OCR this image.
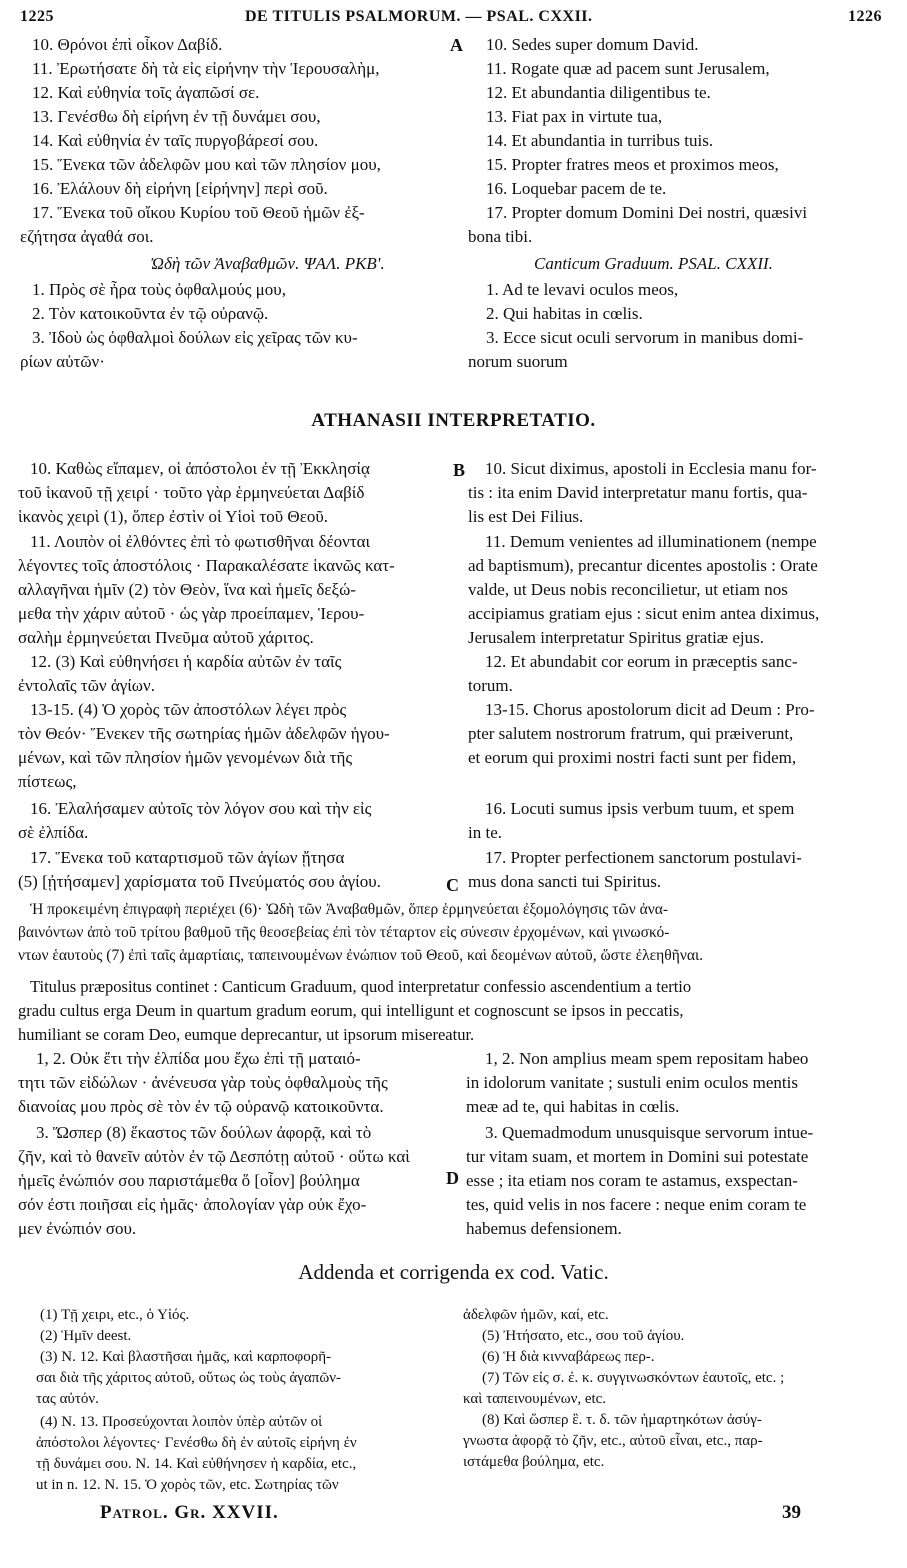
1225	DE TITULIS PSALMORUM. — PSAL. CXXII.	1226
A
B
C
D
10. Θρόνοι ἐπὶ οἶκον Δαβίδ.
11. Ἐρωτήσατε δὴ τὰ εἰς εἰρήνην τὴν Ἱερουσαλὴμ,
12. Καὶ εὐθηνία τοῖς ἀγαπῶσί σε.
13. Γενέσθω δὴ εἰρήνη ἐν τῇ δυνάμει σου,
14. Καὶ εὐθηνία ἐν ταῖς πυργοβάρεσί σου.
15. Ἕνεκα τῶν ἀδελφῶν μου καὶ τῶν πλησίον μου,
16. Ἐλάλουν δὴ εἰρήνη [εἰρήνην] περὶ σοῦ.
17. Ἕνεκα τοῦ οἴκου Κυρίου τοῦ Θεοῦ ἡμῶν ἐξ-
εζήτησα ἀγαθά σοι.
Ὠδὴ τῶν Ἀναβαθμῶν. ΨΑΛ. ΡΚΒʹ.
1. Πρὸς σὲ ἦρα τοὺς ὀφθαλμούς μου,
2. Τὸν κατοικοῦντα ἐν τῷ οὐρανῷ.
3. Ἰδοὺ ὡς ὀφθαλμοὶ δούλων εἰς χεῖρας τῶν κυ-
ρίων αὐτῶν·
10. Sedes super domum David.
11. Rogate quæ ad pacem sunt Jerusalem,
12. Et abundantia diligentibus te.
13. Fiat pax in virtute tua,
14. Et abundantia in turribus tuis.
15. Propter fratres meos et proximos meos,
16. Loquebar pacem de te.
17. Propter domum Domini Dei nostri, quæsivi
bona tibi.
Canticum Graduum. PSAL. CXXII.
1. Ad te levavi oculos meos,
2. Qui habitas in cœlis.
3. Ecce sicut oculi servorum in manibus domi-
norum suorum
ATHANASII INTERPRETATIO.
10. Καθὼς εἴπαμεν, οἱ ἀπόστολοι ἐν τῇ Ἐκκλησίᾳ
τοῦ ἱκανοῦ τῇ χειρί · τοῦτο γὰρ ἑρμηνεύεται Δαβίδ
ἱκανὸς χειρὶ (1), ὅπερ ἐστὶν οἱ Υἱοὶ τοῦ Θεοῦ.
11. Λοιπὸν οἱ ἐλθόντες ἐπὶ τὸ φωτισθῆναι δέονται
λέγοντες τοῖς ἀποστόλοις · Παρακαλέσατε ἱκανῶς κατ-
αλλαγῆναι ἡμῖν (2) τὸν Θεὸν, ἵνα καὶ ἡμεῖς δεξώ-
μεθα τὴν χάριν αὐτοῦ · ὡς γὰρ προείπαμεν, Ἱερου-
σαλὴμ ἑρμηνεύεται Πνεῦμα αὐτοῦ χάριτος.
12. (3) Καὶ εὐθηνήσει ἡ καρδία αὐτῶν ἐν ταῖς
ἐντολαῖς τῶν ἁγίων.
13-15. (4) Ὁ χορὸς τῶν ἀποστόλων λέγει πρὸς
τὸν Θεόν· Ἕνεκεν τῆς σωτηρίας ἡμῶν ἀδελφῶν ἡγου-
μένων, καὶ τῶν πλησίον ἡμῶν γενομένων διὰ τῆς
πίστεως,
16. Ἐλαλήσαμεν αὐτοῖς τὸν λόγον σου καὶ τὴν εἰς
σὲ ἐλπίδα.
17. Ἕνεκα τοῦ καταρτισμοῦ τῶν ἁγίων ᾔτησα
(5) [ᾐτήσαμεν] χαρίσματα τοῦ Πνεύματός σου ἁγίου.
10. Sicut diximus, apostoli in Ecclesia manu for-
tis : ita enim David interpretatur manu fortis, qua-
lis est Dei Filius.
11. Demum venientes ad illuminationem (nempe
ad baptismum), precantur dicentes apostolis : Orate
valde, ut Deus nobis reconcilietur, ut etiam nos
accipiamus gratiam ejus : sicut enim antea diximus,
Jerusalem interpretatur Spiritus gratiæ ejus.
12. Et abundabit cor eorum in præceptis sanc-
torum.
13-15. Chorus apostolorum dicit ad Deum : Pro-
pter salutem nostrorum fratrum, qui præiverunt,
et eorum qui proximi nostri facti sunt per fidem,
16. Locuti sumus ipsis verbum tuum, et spem
in te.
17. Propter perfectionem sanctorum postulavi-
mus dona sancti tui Spiritus.
Ἡ προκειμένη ἐπιγραφὴ περιέχει (6)· Ὠδὴ τῶν Ἀναβαθμῶν, ὅπερ ἑρμηνεύεται ἐξομολόγησις τῶν ἀνα-
βαινόντων ἀπὸ τοῦ τρίτου βαθμοῦ τῆς θεοσεβείας ἐπὶ τὸν τέταρτον εἰς σύνεσιν ἐρχομένων, καὶ γινωσκό-
ντων ἑαυτοὺς (7) ἐπὶ ταῖς ἁμαρτίαις, ταπεινουμένων ἐνώπιον τοῦ Θεοῦ, καὶ δεομένων αὐτοῦ, ὥστε ἐλεηθῆναι.
Titulus præpositus continet : Canticum Graduum, quod interpretatur confessio ascendentium a tertio
gradu cultus erga Deum in quartum gradum eorum, qui intelligunt et cognoscunt se ipsos in peccatis,
humiliant se coram Deo, eumque deprecantur, ut ipsorum misereatur.
1, 2. Οὐκ ἔτι τὴν ἐλπίδα μου ἔχω ἐπὶ τῇ ματαιό-
τητι τῶν εἰδώλων · ἀνένευσα γὰρ τοὺς ὀφθαλμοὺς τῆς
διανοίας μου πρὸς σὲ τὸν ἐν τῷ οὐρανῷ κατοικοῦντα.
3. Ὥσπερ (8) ἕκαστος τῶν δούλων ἀφορᾷ, καὶ τὸ
ζῆν, καὶ τὸ θανεῖν αὐτὸν ἐν τῷ Δεσπότῃ αὐτοῦ · οὕτω καὶ
ἡμεῖς ἐνώπιόν σου παριστάμεθα ὅ [οἷον] βούλημα
σόν ἐστι ποιῆσαι εἰς ἡμᾶς· ἀπολογίαν γὰρ οὐκ ἔχο-
μεν ἐνώπιόν σου.
1, 2. Non amplius meam spem repositam habeo
in idolorum vanitate ; sustuli enim oculos mentis
meæ ad te, qui habitas in cœlis.
3. Quemadmodum unusquisque servorum intue-
tur vitam suam, et mortem in Domini sui potestate
esse ; ita etiam nos coram te astamus, exspectan-
tes, quid velis in nos facere : neque enim coram te
habemus defensionem.
Addenda et corrigenda ex cod. Vatic.
(1) Τῇ χειρι, etc., ὁ Υἱός.
(2) Ἡμῖν deest.
(3) N. 12. Καὶ βλαστῆσαι ἡμᾶς, καὶ καρποφορῆ-
σαι διὰ τῆς χάριτος αὐτοῦ, οὕτως ὡς τοὺς ἀγαπῶν-
τας αὐτόν.
(4) N. 13. Προσεύχονται λοιπὸν ὑπὲρ αὐτῶν οἱ
ἀπόστολοι λέγοντες· Γενέσθω δὴ ἐν αὐτοῖς εἰρήνη ἐν
τῇ δυνάμει σου. N. 14. Καὶ εὐθήνησεν ἡ καρδία, etc.,
ut in n. 12. N. 15. Ὁ χορὸς τῶν, etc. Σωτηρίας τῶν
ἀδελφῶν ἡμῶν, καί, etc.
(5) Ἠτήσατο, etc., σου τοῦ ἁγίου.
(6) Ἡ διὰ κινναβάρεως περ-.
(7) Τῶν εἰς σ. ἐ. κ. συγγινωσκόντων ἑαυτοῖς, etc. ;
καὶ ταπεινουμένων, etc.
(8) Καὶ ὥσπερ ἓ. τ. δ. τῶν ἡμαρτηκότων ἀσύγ-
γνωστα ἀφορᾷ τὸ ζῆν, etc., αὐτοῦ εἶναι, etc., παρ-
ιστάμεθα βούλημα, etc.
Patrol. Gr. XXVII.	39
